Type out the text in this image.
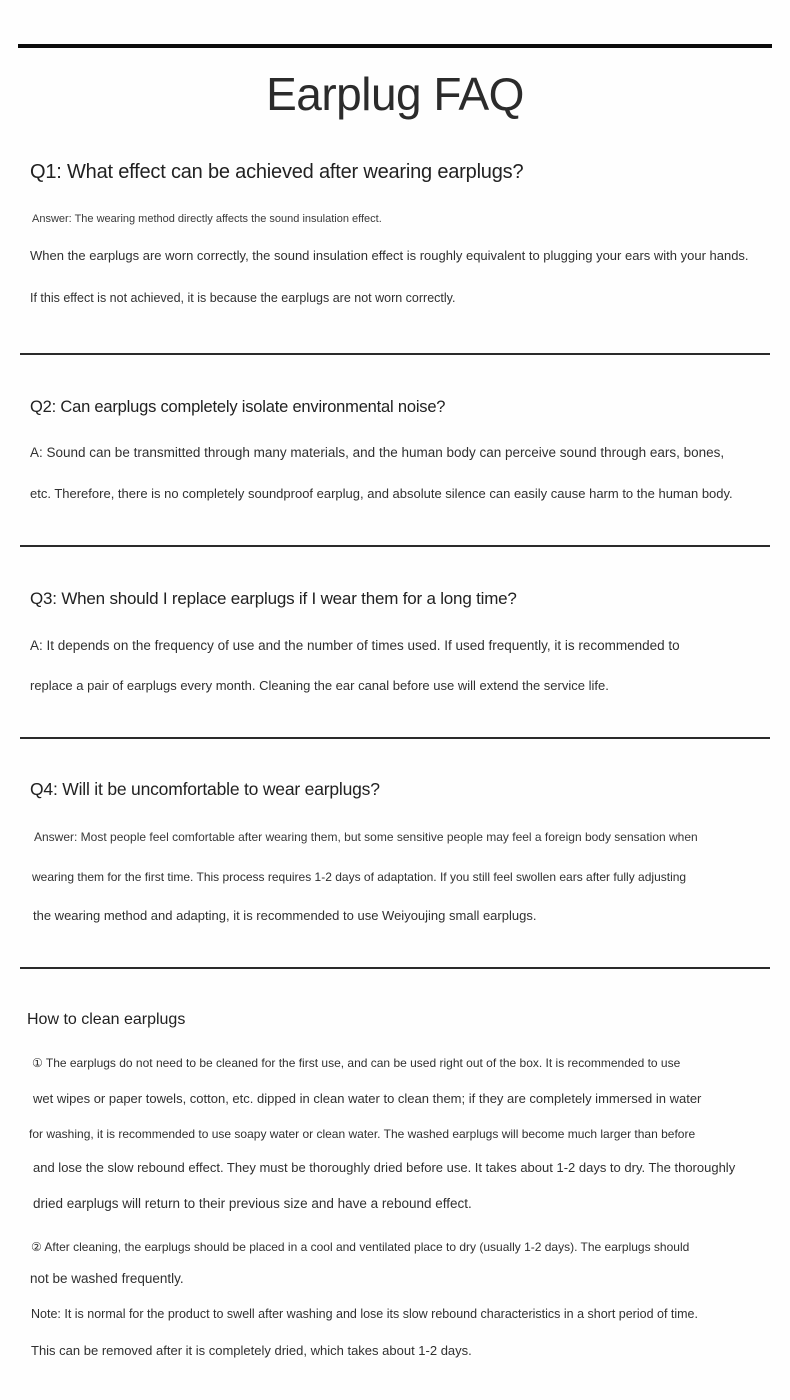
Earplug FAQ
Q1: What effect can be achieved after wearing earplugs?

Answer: The wearing method directly affects the sound insulation effect.

When the earplugs are worn correctly, the sound insulation effect is roughly equivalent to plugging your ears with your hands.

If this effect is not achieved, it is because the earplugs are not worn correctly.

Q2: Can earplugs completely isolate environmental noise?

A: Sound can be transmitted through many materials, and the human body can perceive sound through ears, bones,

etc. Therefore, there is no completely soundproof earplug, and absolute silence can easily cause harm to the human body.

Q3: When should I replace earplugs if I wear them for a long time?

A: It depends on the frequency of use and the number of times used. If used frequently, it is recommended to

replace a pair of earplugs every month. Cleaning the ear canal before use will extend the service life.

Q4: Will it be uncomfortable to wear earplugs?

Answer: Most people feel comfortable after wearing them, but some sensitive people may feel a foreign body sensation when

wearing them for the first time. This process requires 1-2 days of adaptation. If you still feel swollen ears after fully adjusting

the wearing method and adapting, it is recommended to use Weiyoujing small earplugs.

How to clean earplugs

① The earplugs do not need to be cleaned for the first use, and can be used right out of the box. It is recommended to use

wet wipes or paper towels, cotton, etc. dipped in clean water to clean them; if they are completely immersed in water

for washing, it is recommended to use soapy water or clean water. The washed earplugs will become much larger than before

and lose the slow rebound effect. They must be thoroughly dried before use. It takes about 1-2 days to dry. The thoroughly

dried earplugs will return to their previous size and have a rebound effect.

② After cleaning, the earplugs should be placed in a cool and ventilated place to dry (usually 1-2 days). The earplugs should

not be washed frequently.

Note: It is normal for the product to swell after washing and lose its slow rebound characteristics in a short period of time.

This can be removed after it is completely dried, which takes about 1-2 days.
